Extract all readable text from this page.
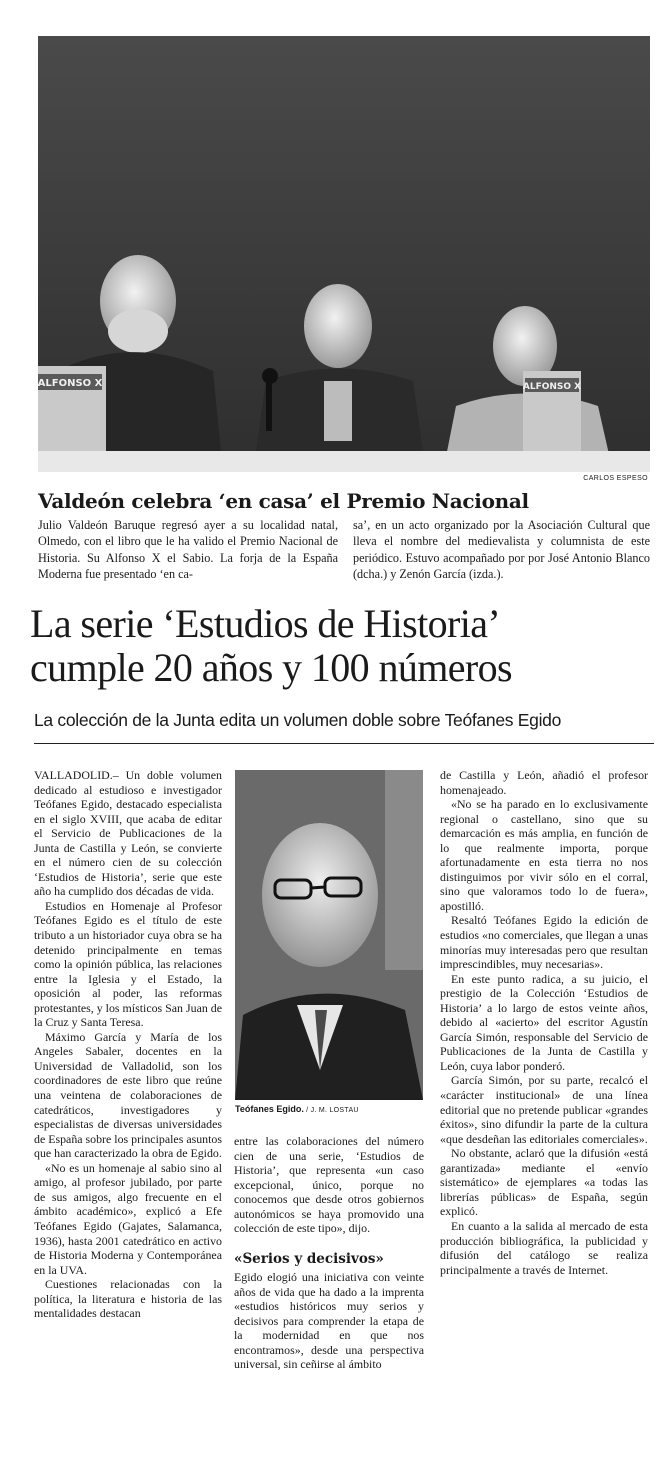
ALFONSO X	ALFONSO X
CARLOS ESPESO
Valdeón celebra ‘en casa’ el Premio Nacional
Julio Valdeón Baruque regresó ayer a su localidad natal, Olmedo, con el libro que le ha valido el Premio Nacional de Historia. Su Alfonso X el Sabio. La forja de la España Moderna fue presentado ‘en ca-
sa’, en un acto organizado por la Asociación Cultural que lleva el nombre del medievalista y columnista de este periódico. Estuvo acompañado por por José Antonio Blanco (dcha.) y Zenón García (izda.).
La serie ‘Estudios de Historia’
cumple 20 años y 100 números
La colección de la Junta edita un volumen doble sobre Teófanes Egido

VALLADOLID.– Un doble volumen dedicado al estudioso e investigador Teófanes Egido, destacado especialista en el siglo XVIII, que acaba de editar el Servicio de Publicaciones de la Junta de Castilla y León, se convierte en el número cien de su colección ‘Estudios de Historia’, serie que este año ha cumplido dos décadas de vida.

Estudios en Homenaje al Profesor Teófanes Egido es el título de este tributo a un historiador cuya obra se ha detenido principalmente en temas como la opinión pública, las relaciones entre la Iglesia y el Estado, la oposición al poder, las reformas protestantes, y los místicos San Juan de la Cruz y Santa Teresa.

Máximo García y María de los Angeles Sabaler, docentes en la Universidad de Valladolid, son los coordinadores de este libro que reúne una veintena de colaboraciones de catedráticos, investigadores y especialistas de diversas universidades de España sobre los principales asuntos que han caracterizado la obra de Egido.

«No es un homenaje al sabio sino al amigo, al profesor jubilado, por parte de sus amigos, algo frecuente en el ámbito académico», explicó a Efe Teófanes Egido (Gajates, Salamanca, 1936), hasta 2001 catedrático en activo de Historia Moderna y Contemporánea en la UVA.

Cuestiones relacionadas con la política, la literatura e historia de las mentalidades destacan

Teófanes Egido. / J. M. LOSTAU

entre las colaboraciones del número cien de una serie, ‘Estudios de Historia’, que representa «un caso excepcional, único, porque no conocemos que desde otros gobiernos autonómicos se haya promovido una colección de este tipo», dijo.

«Serios y decisivos»

Egido elogió una iniciativa con veinte años de vida que ha dado a la imprenta «estudios históricos muy serios y decisivos para comprender la etapa de la modernidad en que nos encontramos», desde una perspectiva universal, sin ceñirse al ámbito

de Castilla y León, añadió el profesor homenajeado.

«No se ha parado en lo exclusivamente regional o castellano, sino que su demarcación es más amplia, en función de lo que realmente importa, porque afortunadamente en esta tierra no nos distinguimos por vivir sólo en el corral, sino que valoramos todo lo de fuera», apostilló.

Resaltó Teófanes Egido la edición de estudios «no comerciales, que llegan a unas minorías muy interesadas pero que resultan imprescindibles, muy necesarias».

En este punto radica, a su juicio, el prestigio de la Colección ‘Estudios de Historia’ a lo largo de estos veinte años, debido al «acierto» del escritor Agustín García Simón, responsable del Servicio de Publicaciones de la Junta de Castilla y León, cuya labor ponderó.

García Simón, por su parte, recalcó el «carácter institucional» de una línea editorial que no pretende publicar «grandes éxitos», sino difundir la parte de la cultura «que desdeñan las editoriales comerciales».

No obstante, aclaró que la difusión «está garantizada» mediante el «envío sistemático» de ejemplares «a todas las librerías públicas» de España, según explicó.

En cuanto a la salida al mercado de esta producción bibliográfica, la publicidad y difusión del catálogo se realiza principalmente a través de Internet.
